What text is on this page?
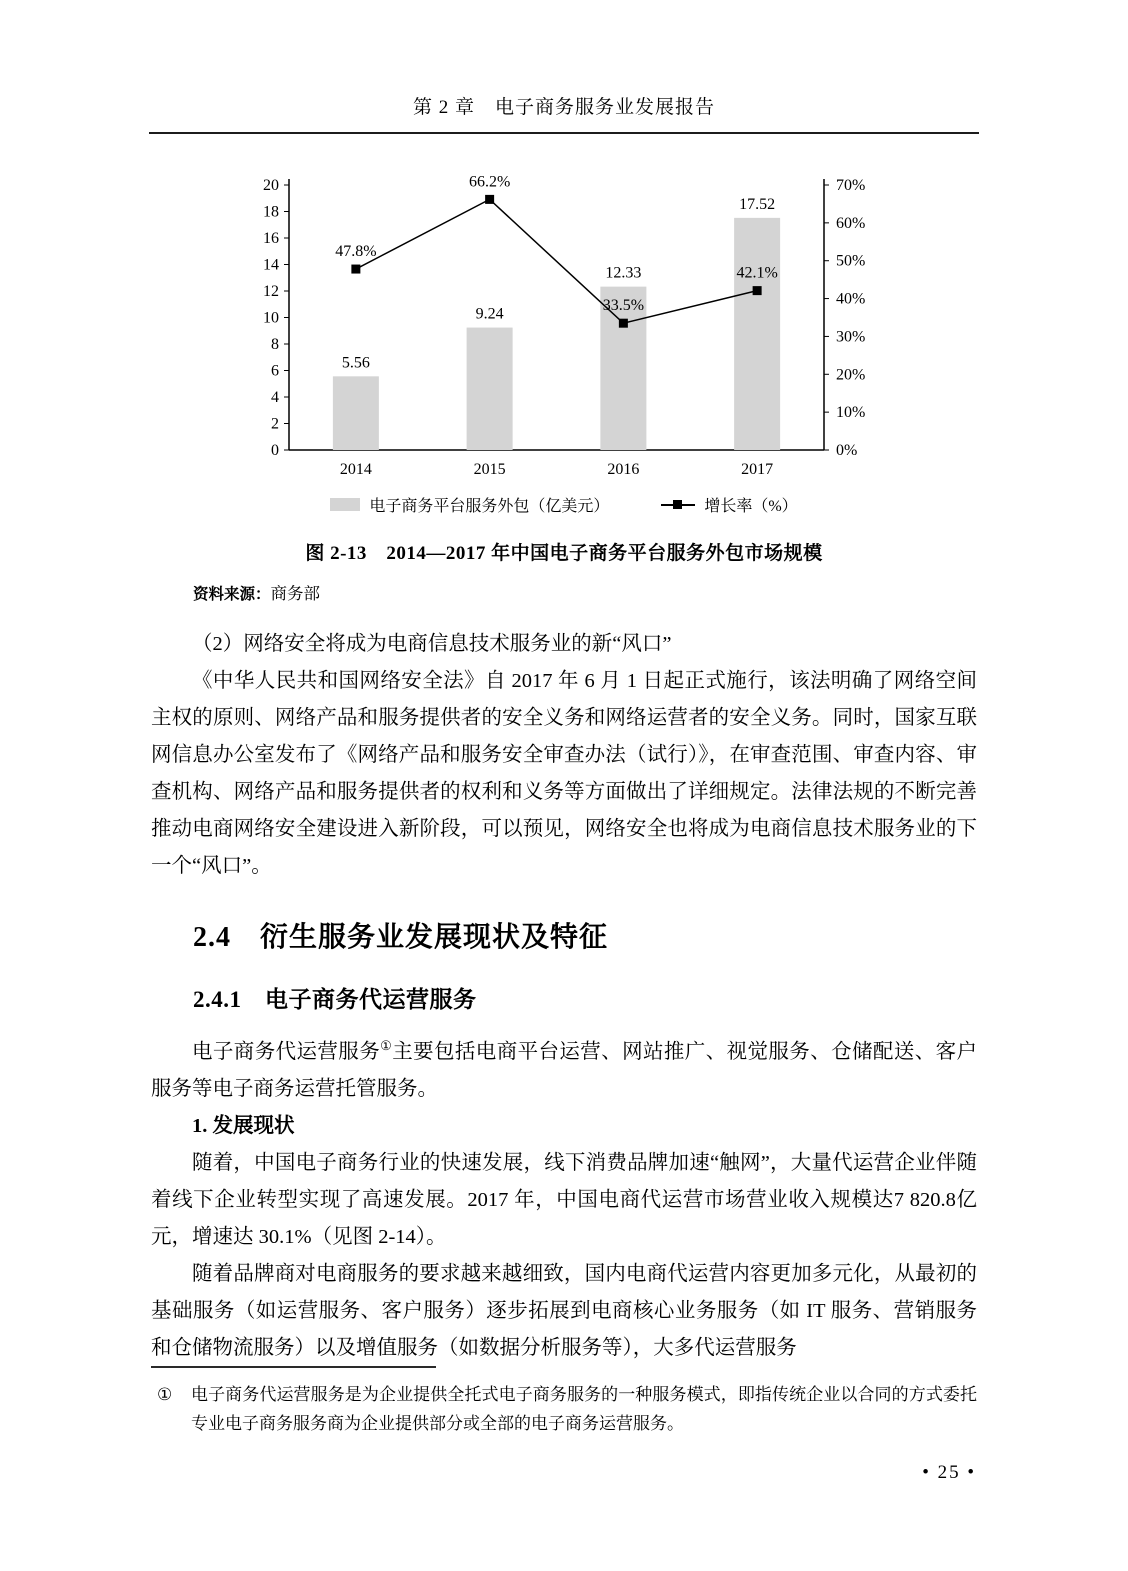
第 2 章　电子商务服务业发展报告
0
2
4
6
8
10
12
14
16
18
20
0%
10%
20%
30%
40%
50%
60%
70%
5.56
9.24
12.33
17.52
47.8%
66.2%
33.5%
42.1%
2014	2015	2016	2017
电子商务平台服务外包（亿美元）	增长率（%）
图 2-13　2014—2017 年中国电子商务平台服务外包市场规模
资料来源：商务部

（2）网络安全将成为电商信息技术服务业的新“风口”

《中华人民共和国网络安全法》自 2017 年 6 月 1 日起正式施行，该法明确了网络空间主权的原则、网络产品和服务提供者的安全义务和网络运营者的安全义务。同时，国家互联网信息办公室发布了《网络产品和服务安全审查办法（试行）》，在审查范围、审查内容、审查机构、网络产品和服务提供者的权利和义务等方面做出了详细规定。法律法规的不断完善推动电商网络安全建设进入新阶段，可以预见，网络安全也将成为电商信息技术服务业的下一个“风口”。

2.4　衍生服务业发展现状及特征
2.4.1　电子商务代运营服务

电子商务代运营服务①主要包括电商平台运营、网站推广、视觉服务、仓储配送、客户服务等电子商务运营托管服务。

1. 发展现状

随着，中国电子商务行业的快速发展，线下消费品牌加速“触网”，大量代运营企业伴随着线下企业转型实现了高速发展。2017 年，中国电商代运营市场营业收入规模达7 820.8亿元，增速达 30.1%（见图 2-14）。

随着品牌商对电商服务的要求越来越细致，国内电商代运营内容更加多元化，从最初的基础服务（如运营服务、客户服务）逐步拓展到电商核心业务服务（如 IT 服务、营销服务和仓储物流服务）以及增值服务（如数据分析服务等），大多代运营服务

①	电子商务代运营服务是为企业提供全托式电子商务服务的一种服务模式，即指传统企业以合同的方式委托专业电子商务服务商为企业提供部分或全部的电子商务运营服务。
• 25 •
